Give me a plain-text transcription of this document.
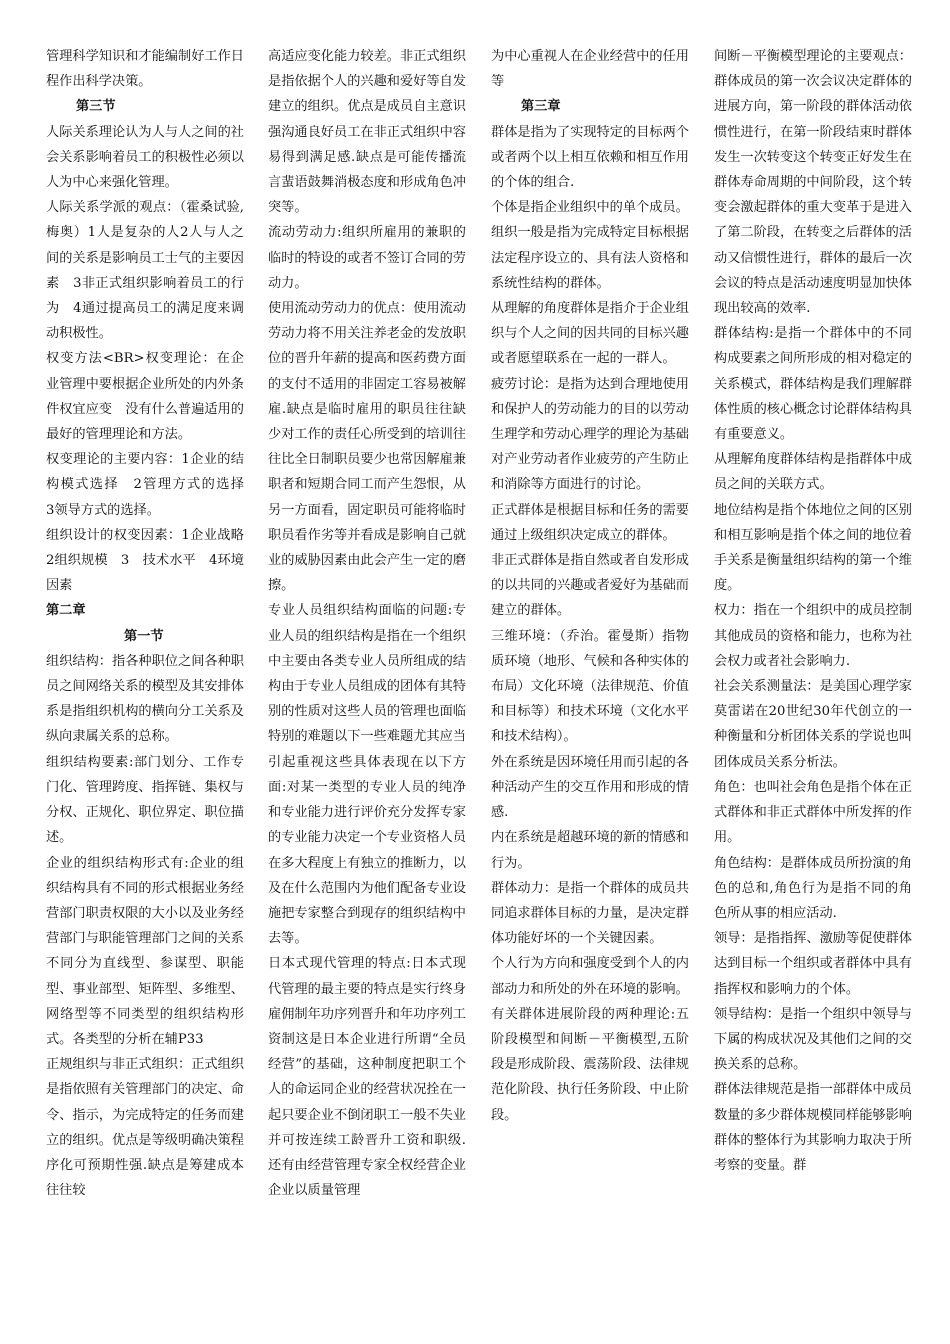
管理科学知识和才能编制好工作日程作出科学决策。

第三节

人际关系理论认为人与人之间的社会关系影响着员工的积极性必须以人为中心来强化管理。

人际关系学派的观点：（霍桑试验,梅奥）1人是复杂的人2人与人之间的关系是影响员工士气的主要因素　3非正式组织影响着员工的行为　4通过提高员工的满足度来调动积极性。

权变方法<BR>权变理论：在企业管理中要根据企业所处的内外条件权宜应变　没有什么普遍适用的最好的管理理论和方法。

权变理论的主要内容：1企业的结构模式选择　2管理方式的选择　3领导方式的选择。

组织设计的权变因素：1企业战略　2组织规模　3　技术水平　4环境因素

第二章
第一节

组织结构：指各种职位之间各种职员之间网络关系的模型及其安排体系是指组织机构的横向分工关系及纵向隶属关系的总称。

组织结构要素:部门划分、工作专门化、管理跨度、指挥链、集权与分权、正规化、职位界定、职位描述。

企业的组织结构形式有:企业的组织结构具有不同的形式根据业务经营部门职责权限的大小以及业务经营部门与职能管理部门之间的关系不同分为直线型、参谋型、职能型、事业部型、矩阵型、多维型、网络型等不同类型的组织结构形式。各类型的分析在辅P33

正规组织与非正式组织：正式组织是指依照有关管理部门的决定、命令、指示，为完成特定的任务而建立的组织。优点是等级明确决策程序化可预期性强.缺点是筹建成本往往较

高适应变化能力较差。非正式组织是指依据个人的兴趣和爱好等自发建立的组织。优点是成员自主意识强沟通良好员工在非正式组织中容易得到满足感.缺点是可能传播流言蜚语鼓舞消极态度和形成角色冲突等。

流动劳动力:组织所雇用的兼职的临时的特设的或者不签订合同的劳动力。

使用流动劳动力的优点：使用流动劳动力将不用关注养老金的发放职位的晋升年薪的提高和医药费方面的支付不适用的非固定工容易被解雇.缺点是临时雇用的职员往往缺少对工作的责任心所受到的培训往往比全日制职员要少也常因解雇兼职者和短期合同工而产生怨恨，从另一方面看，固定职员可能将临时职员看作劣等并看成是影响自己就业的威胁因素由此会产生一定的磨擦。

专业人员组织结构面临的问题:专业人员的组织结构是指在一个组织中主要由各类专业人员所组成的结构由于专业人员组成的团体有其特别的性质对这些人员的管理也面临特别的难题以下一些难题尤其应当引起重视这些具体表现在以下方面:对某一类型的专业人员的纯净和专业能力进行评价充分发挥专家的专业能力决定一个专业资格人员在多大程度上有独立的推断力，以及在什么范围内为他们配备专业设施把专家整合到现存的组织结构中去等。

日本式现代管理的特点:日本式现代管理的最主要的特点是实行终身雇佣制年功序列晋升和年功序列工资制这是日本企业进行所谓“全员经营”的基础，这种制度把职工个人的命运同企业的经营状况拴在一起只要企业不倒闭职工一般不失业并可按连续工龄晋升工资和职级.还有由经营管理专家全权经营企业　企业以质量管理

为中心重视人在企业经营中的任用等

第三章

群体是指为了实现特定的目标两个或者两个以上相互依赖和相互作用的个体的组合.

个体是指企业组织中的单个成员。

组织一般是指为完成特定目标根据法定程序设立的、具有法人资格和系统性结构的群体。

从理解的角度群体是指介于企业组织与个人之间的因共同的目标兴趣或者愿望联系在一起的一群人。

疲劳讨论：是指为达到合理地使用和保护人的劳动能力的目的以劳动生理学和劳动心理学的理论为基础对产业劳动者作业疲劳的产生防止和消除等方面进行的讨论。

正式群体是根据目标和任务的需要通过上级组织决定成立的群体。

非正式群体是指自然或者自发形成的以共同的兴趣或者爱好为基础而建立的群体。

三维环境：（乔治。霍曼斯）指物质环境（地形、气候和各种实体的布局）文化环境（法律规范、价值和目标等）和技术环境（文化水平和技术结构）。

外在系统是因环境任用而引起的各种活动产生的交互作用和形成的情感.

内在系统是超越环境的新的情感和行为。

群体动力：是指一个群体的成员共同追求群体目标的力量，是决定群体功能好坏的一个关键因素。

个人行为方向和强度受到个人的内部动力和所处的外在环境的影响。

有关群体进展阶段的两种理论:五阶段模型和间断－平衡模型,五阶段是形成阶段、震荡阶段、法律规范化阶段、执行任务阶段、中止阶段。

间断－平衡模型理论的主要观点：群体成员的第一次会议决定群体的进展方向，第一阶段的群体活动依惯性进行，在第一阶段结束时群体发生一次转变这个转变正好发生在群体寿命周期的中间阶段，这个转变会激起群体的重大变革于是进入了第二阶段，在转变之后群体的活动又信惯性进行，群体的最后一次会议的特点是活动速度明显加快体现出较高的效率.

群体结构:是指一个群体中的不同构成要素之间所形成的相对稳定的关系模式，群体结构是我们理解群体性质的核心概念讨论群体结构具有重要意义。

从理解角度群体结构是指群体中成员之间的关联方式。

地位结构是指个体地位之间的区别和相互影响是指个体之间的地位着手关系是衡量组织结构的第一个维度。

权力：指在一个组织中的成员控制其他成员的资格和能力，也称为社会权力或者社会影响力.

社会关系测量法：是美国心理学家莫雷诺在20世纪30年代创立的一种衡量和分析团体关系的学说也叫团体成员关系分析法。

角色：也叫社会角色是指个体在正式群体和非正式群体中所发挥的作用。

角色结构：是群体成员所扮演的角色的总和,角色行为是指不同的角色所从事的相应活动.

领导：是指指挥、激励等促使群体达到目标一个组织或者群体中具有指挥权和影响力的个体。

领导结构：是指一个组织中领导与下属的构成状况及其他们之间的交换关系的总称。

群体法律规范是指一部群体中成员数量的多少群体规模同样能够影响群体的整体行为其影响力取决于所考察的变量。群
